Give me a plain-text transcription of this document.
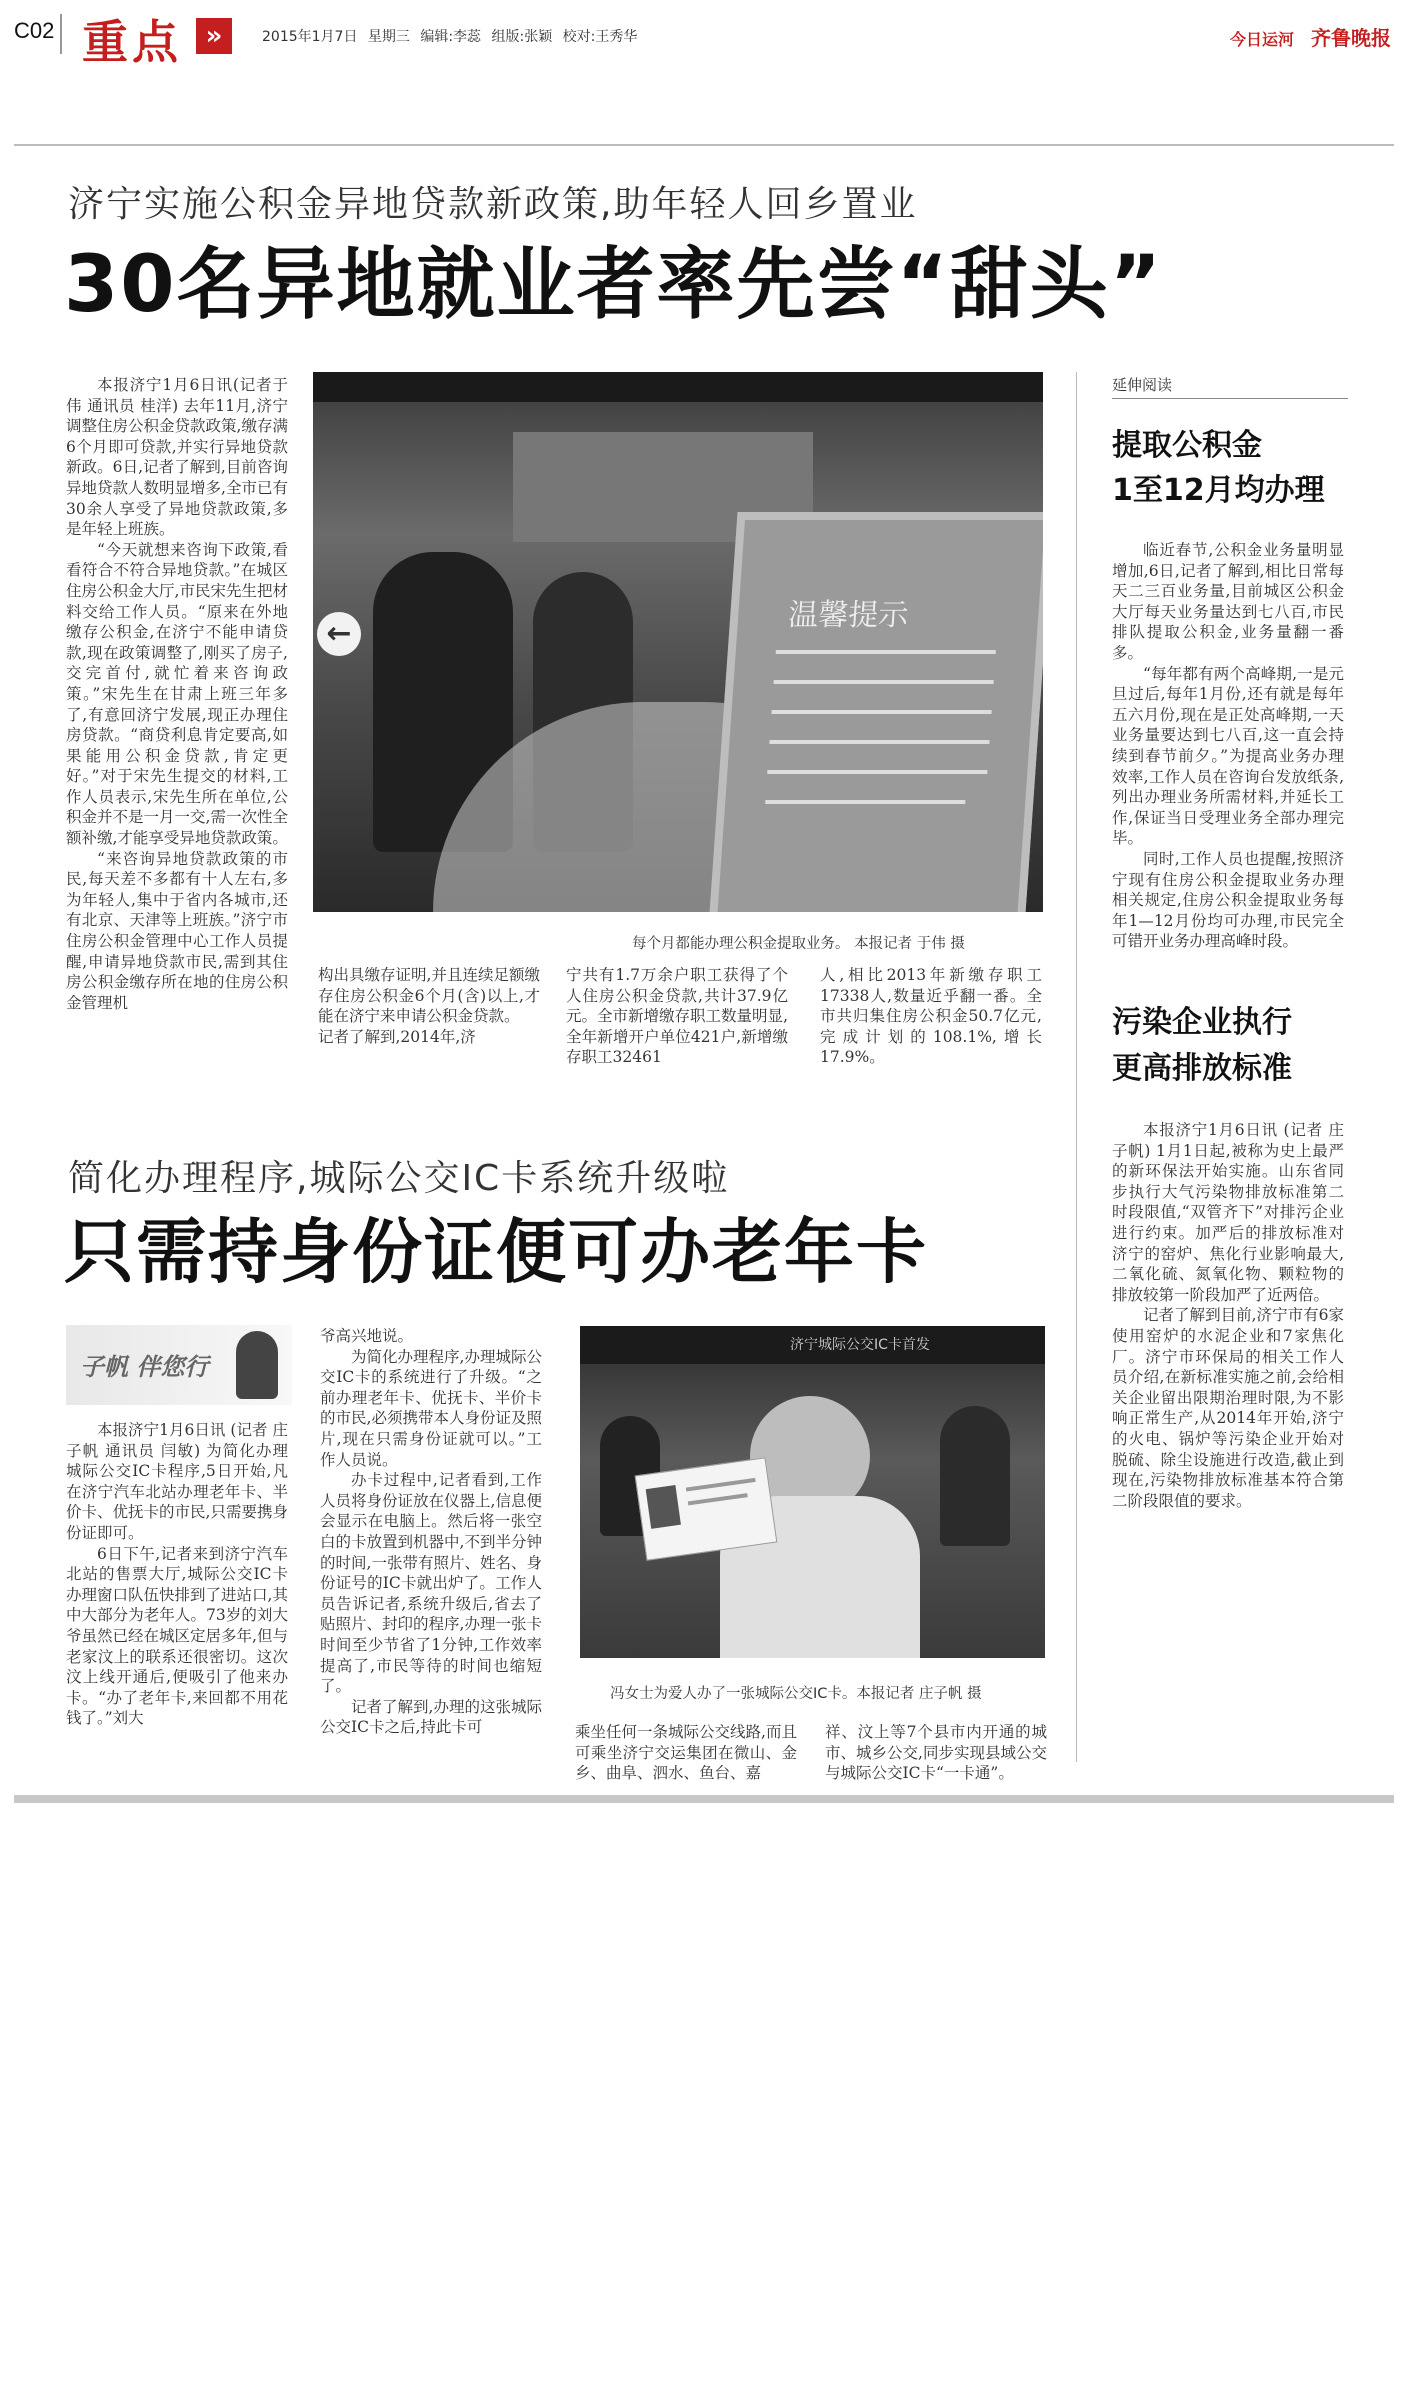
C02 重点 »	2015年1月7日 星期三 编辑:李蕊 组版:张颖 校对:王秀华	今日运河 齐鲁晚报
济宁实施公积金异地贷款新政策,助年轻人回乡置业
30名异地就业者率先尝“甜头”

本报济宁1月6日讯(记者于伟 通讯员 桂洋) 去年11月,济宁调整住房公积金贷款政策,缴存满6个月即可贷款,并实行异地贷款新政。6日,记者了解到,目前咨询异地贷款人数明显增多,全市已有30余人享受了异地贷款政策,多是年轻上班族。

“今天就想来咨询下政策,看看符合不符合异地贷款。”在城区住房公积金大厅,市民宋先生把材料交给工作人员。“原来在外地缴存公积金,在济宁不能申请贷款,现在政策调整了,刚买了房子,交完首付,就忙着来咨询政策。”宋先生在甘肃上班三年多了,有意回济宁发展,现正办理住房贷款。“商贷利息肯定要高,如果能用公积金贷款,肯定更好。”对于宋先生提交的材料,工作人员表示,宋先生所在单位,公积金并不是一月一交,需一次性全额补缴,才能享受异地贷款政策。

“来咨询异地贷款政策的市民,每天差不多都有十人左右,多为年轻人,集中于省内各城市,还有北京、天津等上班族。”济宁市住房公积金管理中心工作人员提醒,申请异地贷款市民,需到其住房公积金缴存所在地的住房公积金管理机

温馨提示
←
每个月都能办理公积金提取业务。 本报记者 于伟 摄
构出具缴存证明,并且连续足额缴存住房公积金6个月(含)以上,才能在济宁来申请公积金贷款。
记者了解到,2014年,济
宁共有1.7万余户职工获得了个人住房公积金贷款,共计37.9亿元。全市新增缴存职工数量明显,全年新增开户单位421户,新增缴存职工32461
人,相比2013年新缴存职工17338人,数量近乎翻一番。全市共归集住房公积金50.7亿元,完成计划的108.1%,增长17.9%。
延伸阅读
提取公积金
1至12月均办理

临近春节,公积金业务量明显增加,6日,记者了解到,相比日常每天二三百业务量,目前城区公积金大厅每天业务量达到七八百,市民排队提取公积金,业务量翻一番多。

“每年都有两个高峰期,一是元旦过后,每年1月份,还有就是每年五六月份,现在是正处高峰期,一天业务量要达到七八百,这一直会持续到春节前夕。”为提高业务办理效率,工作人员在咨询台发放纸条,列出办理业务所需材料,并延长工作,保证当日受理业务全部办理完毕。

同时,工作人员也提醒,按照济宁现有住房公积金提取业务办理相关规定,住房公积金提取业务每年1—12月份均可办理,市民完全可错开业务办理高峰时段。

污染企业执行
更高排放标准

本报济宁1月6日讯 (记者 庄子帆) 1月1日起,被称为史上最严的新环保法开始实施。山东省同步执行大气污染物排放标准第二时段限值,“双管齐下”对排污企业进行约束。加严后的排放标准对济宁的窑炉、焦化行业影响最大,二氧化硫、氮氧化物、颗粒物的排放较第一阶段加严了近两倍。

记者了解到目前,济宁市有6家使用窑炉的水泥企业和7家焦化厂。济宁市环保局的相关工作人员介绍,在新标准实施之前,会给相关企业留出限期治理时限,为不影响正常生产,从2014年开始,济宁的火电、锅炉等污染企业开始对脱硫、除尘设施进行改造,截止到现在,污染物排放标准基本符合第二阶段限值的要求。

简化办理程序,城际公交IC卡系统升级啦
只需持身份证便可办老年卡
子帆 伴您行

本报济宁1月6日讯 (记者 庄子帆 通讯员 闫敏) 为简化办理城际公交IC卡程序,5日开始,凡在济宁汽车北站办理老年卡、半价卡、优抚卡的市民,只需要携身份证即可。

6日下午,记者来到济宁汽车北站的售票大厅,城际公交IC卡办理窗口队伍快排到了进站口,其中大部分为老年人。73岁的刘大爷虽然已经在城区定居多年,但与老家汶上的联系还很密切。这次汶上线开通后,便吸引了他来办卡。“办了老年卡,来回都不用花钱了。”刘大

爷高兴地说。

为简化办理程序,办理城际公交IC卡的系统进行了升级。“之前办理老年卡、优抚卡、半价卡的市民,必须携带本人身份证及照片,现在只需身份证就可以。”工作人员说。

办卡过程中,记者看到,工作人员将身份证放在仪器上,信息便会显示在电脑上。然后将一张空白的卡放置到机器中,不到半分钟的时间,一张带有照片、姓名、身份证号的IC卡就出炉了。工作人员告诉记者,系统升级后,省去了贴照片、封印的程序,办理一张卡时间至少节省了1分钟,工作效率提高了,市民等待的时间也缩短了。

记者了解到,办理的这张城际公交IC卡之后,持此卡可

济宁城际公交IC卡首发
冯女士为爱人办了一张城际公交IC卡。本报记者 庄子帆 摄
乘坐任何一条城际公交线路,而且可乘坐济宁交运集团在微山、金乡、曲阜、泗水、鱼台、嘉
祥、汶上等7个县市内开通的城市、城乡公交,同步实现县域公交与城际公交IC卡“一卡通”。
